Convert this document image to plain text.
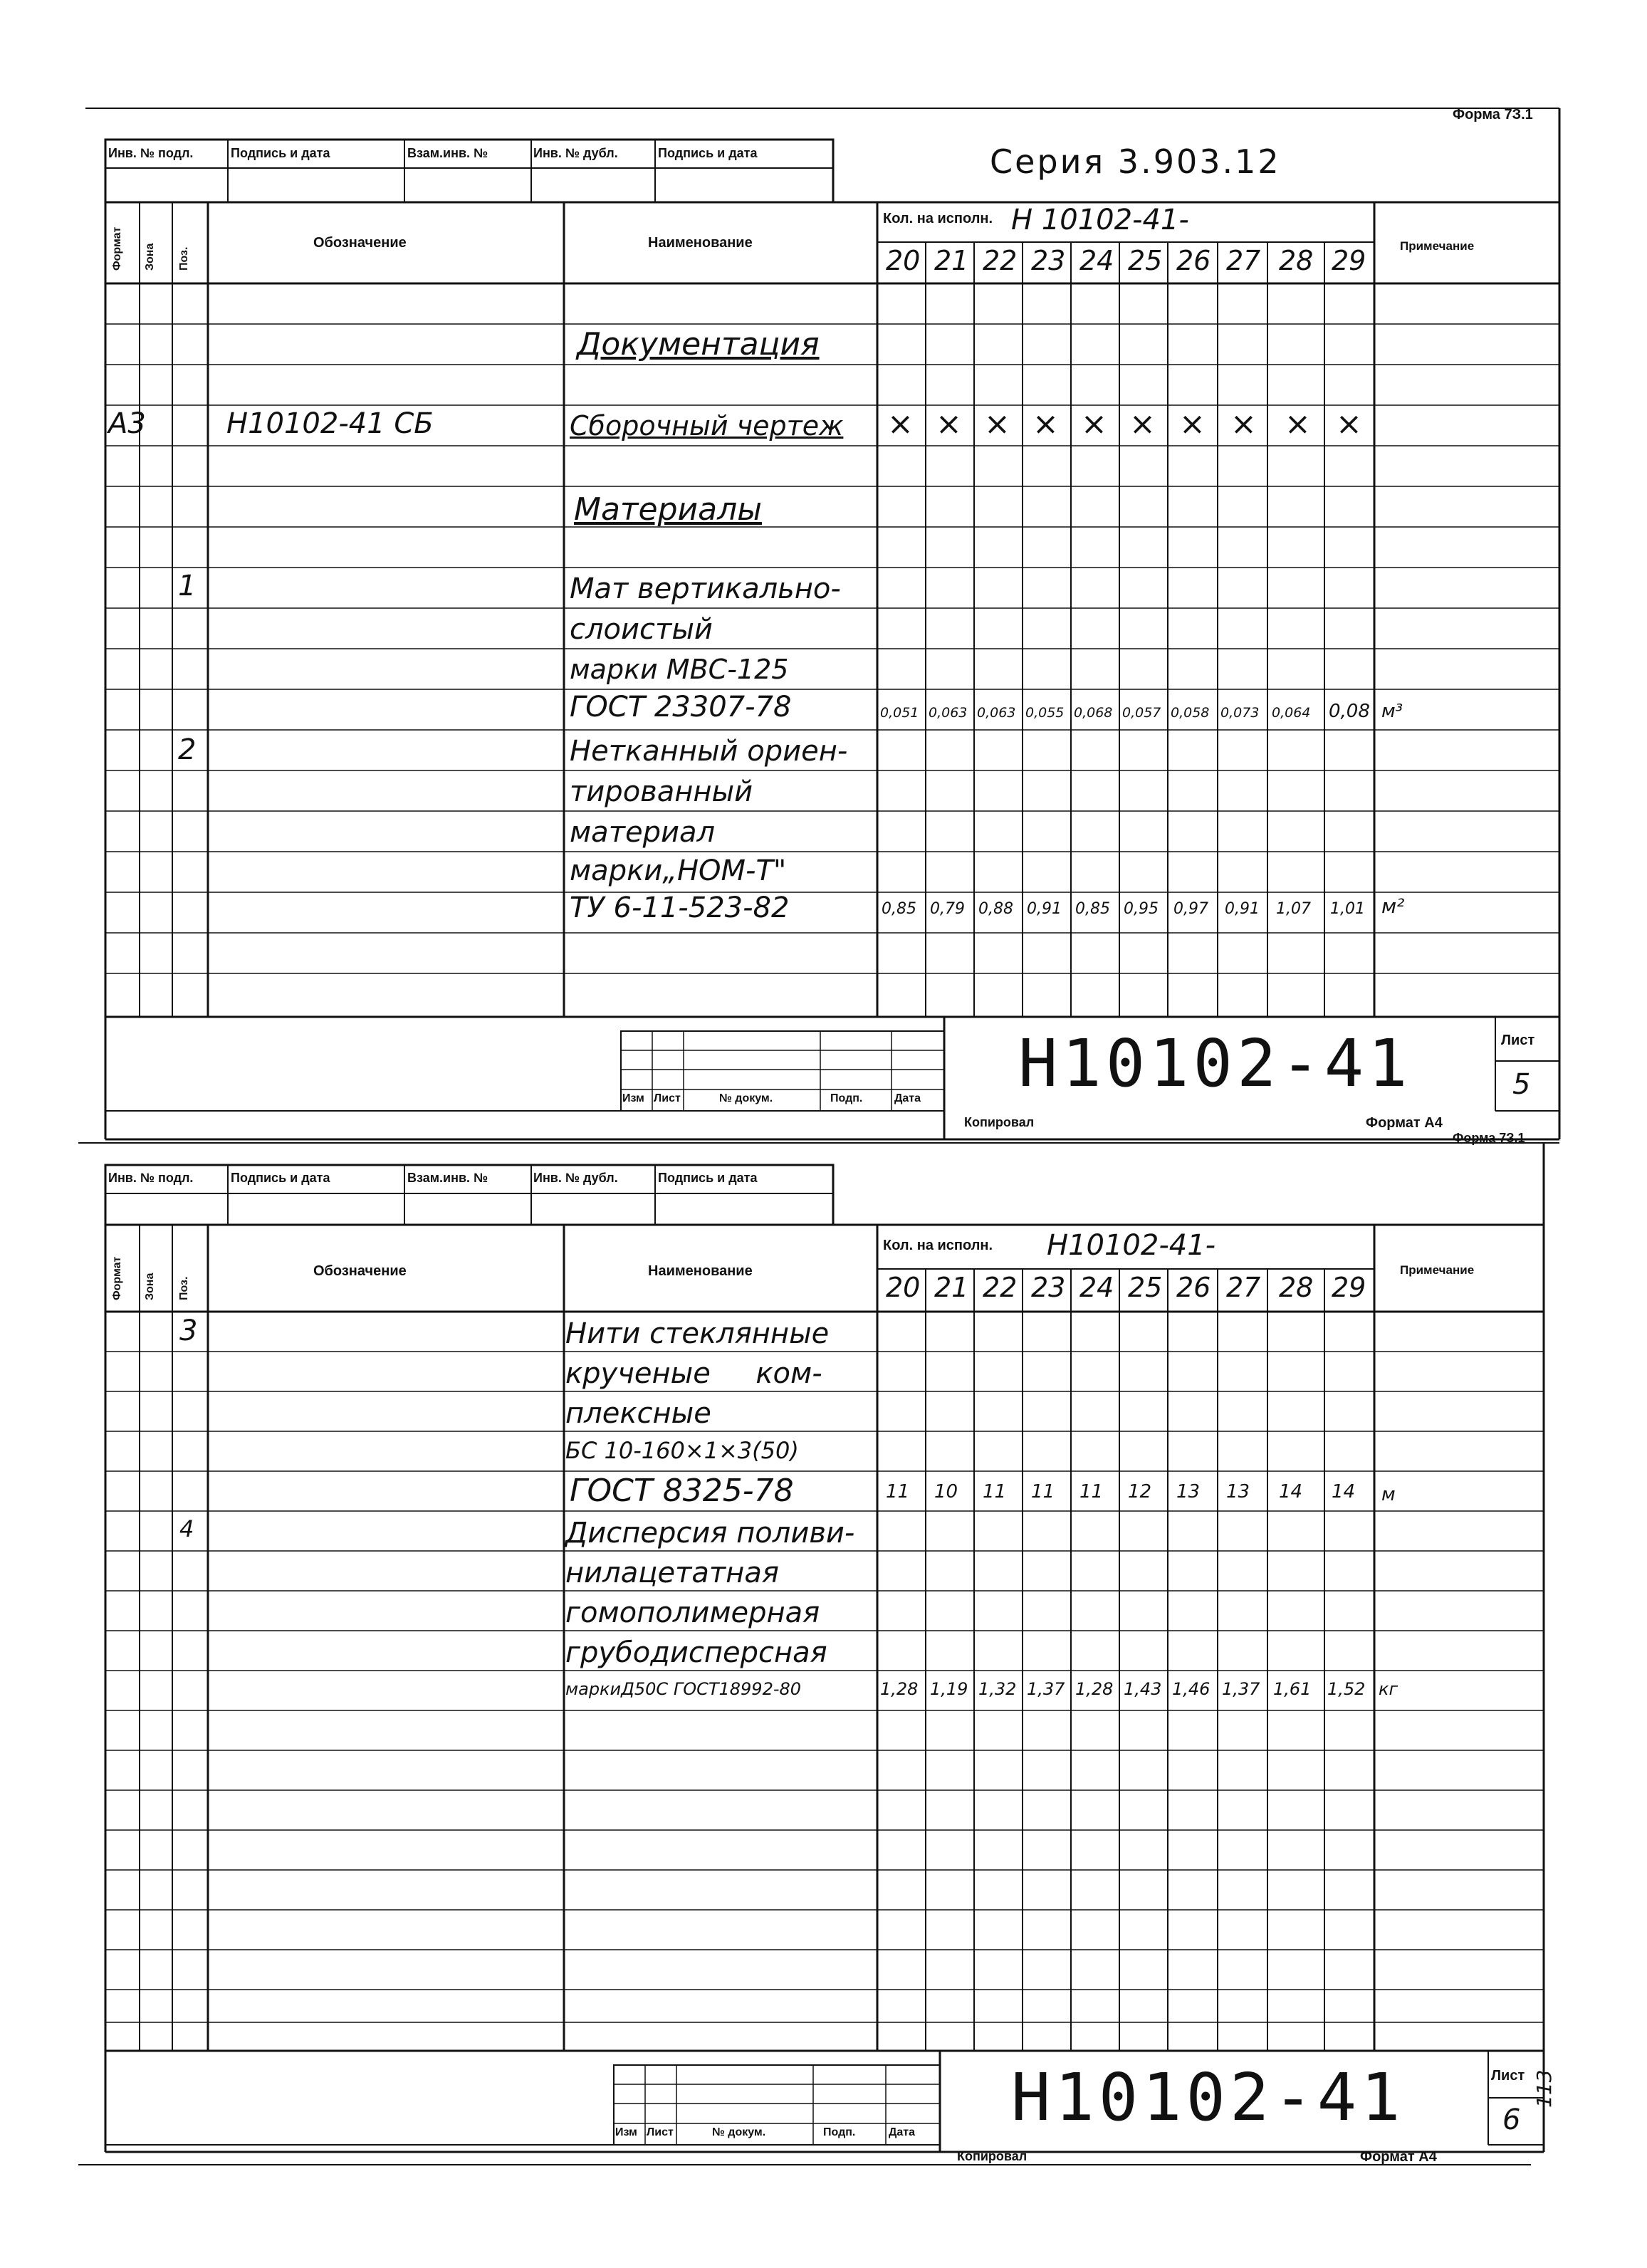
Форма 7З.1
Серия 3.903.12
Инв. № подл.	Подпись и дата	Взам.инв. №	Инв. № дубл.	Подпись и дата
Формат Зона Поз.
Обозначение	Наименование
Кол. на исполн. Н 10102-41-
Примечание
20 21 22 23 24 25 26 27 28 29
Документация
А3	Н10102-41 СБ	Сборочный чертеж × × × × × × × × × ×
Материалы
1	Мат вертикально-
слоистый
марки МВС-125
ГОСТ 23307-78	0,051 0,063 0,063 0,055 0,068 0,057 0,058 0,073 0,064 0,08 м³
2	Нетканный ориен-
тированный
материал
марки„НОМ-Т"
ТУ 6-11-523-82	0,85 0,79 0,88 0,91 0,85 0,95 0,97 0,91 1,07 1,01 м²
Изм Лист	№ докум.	Подп.	Дата Н10102-41	Лист
5
Копировал	Формат А4
Форма 7З.1
Инв. № подл.	Подпись и дата	Взам.инв. №	Инв. № дубл.	Подпись и дата
Формат Зона Поз.
Обозначение	Наименование
Кол. на исполн. Н10102-41-
Примечание
20 21 22 23 24 25 26 27 28 29
3	Нити стеклянные
крученые     ком-
плексные
БС 10-160×1×3(50)
ГОСТ 8325-78	11 10 11 11 11 12 13 13 14 14 м
4	Дисперсия поливи-
нилацетатная
гомополимерная
грубодисперсная
маркиД50С ГОСТ18992-80	1,28 1,19 1,32 1,37 1,28 1,43 1,46 1,37 1,61 1,52 кг
Изм Лист	№ докум.	Подп.	Дата Н10102-41	Лист
6
Копировал	Формат А4
113
